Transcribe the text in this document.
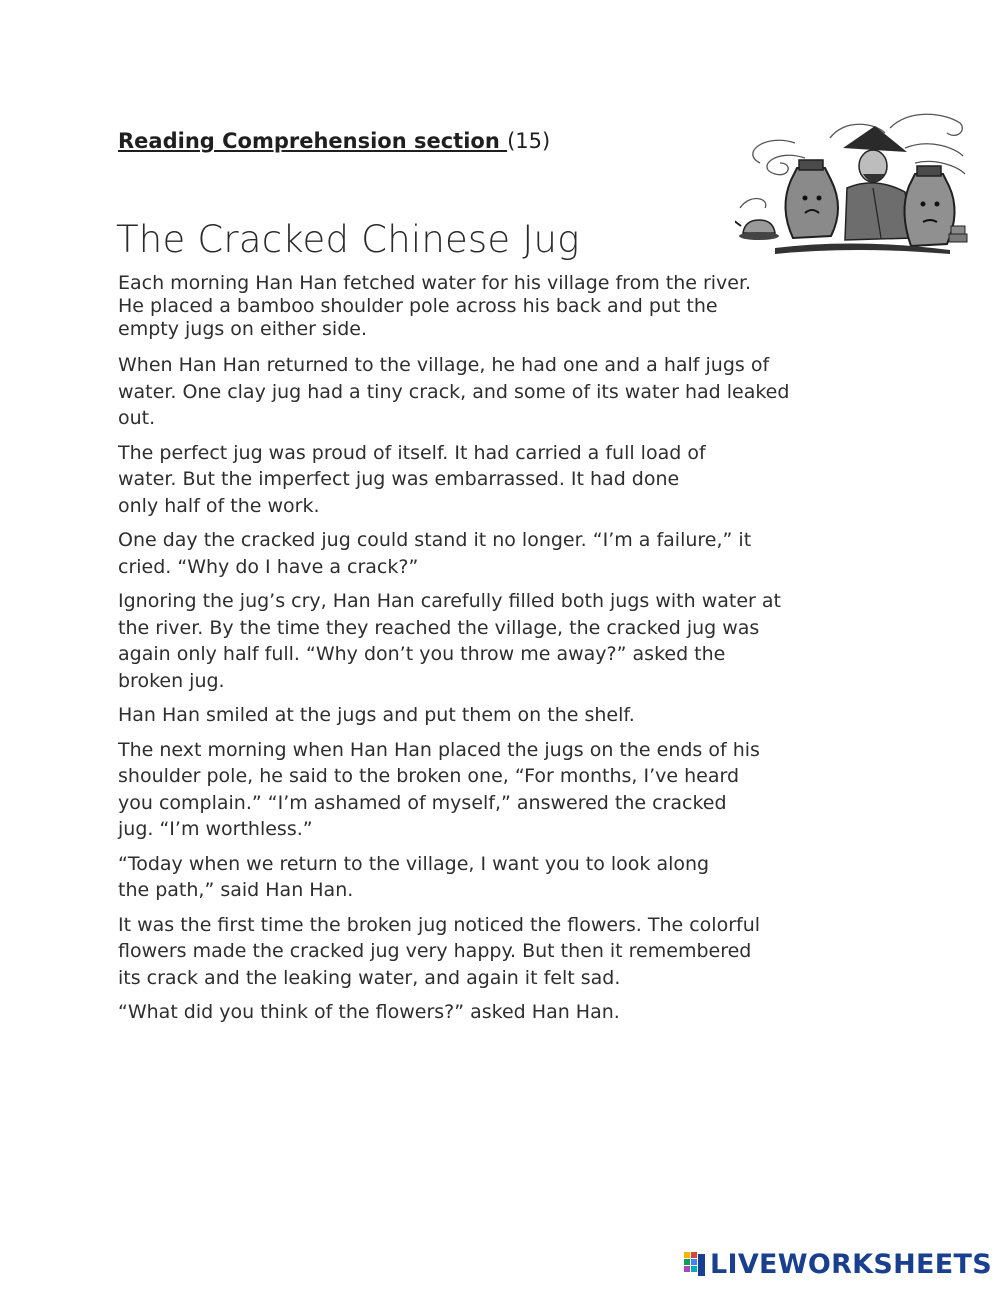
Reading Comprehension section (15)
The Cracked Chinese Jug

Each morning Han Han fetched water for his village from the river.
He placed a bamboo shoulder pole across his back and put the
empty jugs on either side.

When Han Han returned to the village, he had one and a half jugs of
water. One clay jug had a tiny crack, and some of its water had leaked
out.

The perfect jug was proud of itself. It had carried a full load of
water. But the imperfect jug was embarrassed. It had done
only half of the work.

One day the cracked jug could stand it no longer. “I’m a failure,” it
cried. “Why do I have a crack?”

Ignoring the jug’s cry, Han Han carefully filled both jugs with water at
the river. By the time they reached the village, the cracked jug was
again only half full. “Why don’t you throw me away?” asked the
broken jug.

Han Han smiled at the jugs and put them on the shelf.

The next morning when Han Han placed the jugs on the ends of his
shoulder pole, he said to the broken one, “For months, I’ve heard
you complain.” “I’m ashamed of myself,” answered the cracked
jug. “I’m worthless.”

“Today when we return to the village, I want you to look along
the path,” said Han Han.

It was the first time the broken jug noticed the flowers. The colorful
flowers made the cracked jug very happy. But then it remembered
its crack and the leaking water, and again it felt sad.

“What did you think of the flowers?” asked Han Han.

LIVEWORKSHEETS
